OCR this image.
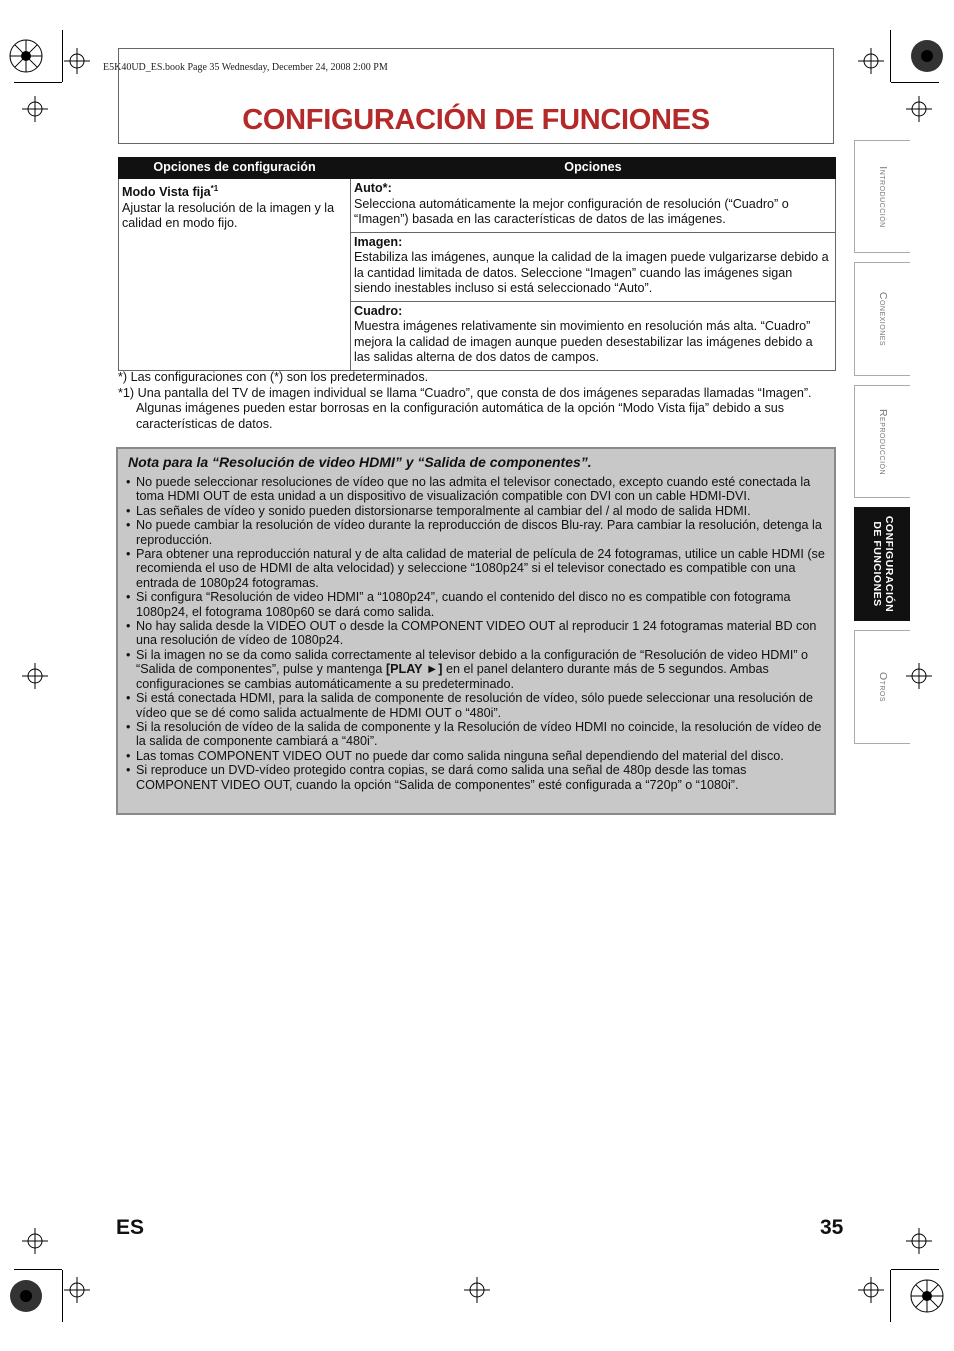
E5K40UD_ES.book Page 35 Wednesday, December 24, 2008 2:00 PM
CONFIGURACIÓN DE FUNCIONES
Opciones de configuración	Opciones
Modo Vista fija$^{*1}$
Ajustar la resolución de la imagen y la calidad en modo fijo.	Auto*:
Selecciona automáticamente la mejor configuración de resolución (“Cuadro” o “Imagen”) basada en las características de datos de las imágenes.
	Imagen:
Estabiliza las imágenes, aunque la calidad de la imagen puede vulgarizarse debido a la cantidad limitada de datos. Seleccione “Imagen” cuando las imágenes sigan siendo inestables incluso si está seleccionado “Auto”.
	Cuadro:
Muestra imágenes relativamente sin movimiento en resolución más alta. “Cuadro” mejora la calidad de imagen aunque pueden desestabilizar las imágenes debido a las salidas alterna de dos datos de campos.
*) Las configuraciones con (*) son los predeterminados.
*1) Una pantalla del TV de imagen individual se llama “Cuadro”, que consta de dos imágenes separadas llamadas “Imagen”.
Algunas imágenes pueden estar borrosas en la configuración automática de la opción “Modo Vista fija” debido a sus características de datos.
Nota para la “Resolución de video HDMI” y “Salida de componentes”.
• No puede seleccionar resoluciones de vídeo que no las admita el televisor conectado, excepto cuando esté conectada la toma HDMI OUT de esta unidad a un dispositivo de visualización compatible con DVI con un cable HDMI-DVI.
• Las señales de vídeo y sonido pueden distorsionarse temporalmente al cambiar del / al modo de salida HDMI.
• No puede cambiar la resolución de vídeo durante la reproducción de discos Blu-ray. Para cambiar la resolución, detenga la reproducción.
• Para obtener una reproducción natural y de alta calidad de material de película de 24 fotogramas, utilice un cable HDMI (se recomienda el uso de HDMI de alta velocidad) y seleccione “1080p24” si el televisor conectado es compatible con una entrada de 1080p24 fotogramas.
• Si configura “Resolución de video HDMI” a “1080p24”, cuando el contenido del disco no es compatible con fotograma 1080p24, el fotograma 1080p60 se dará como salida.
• No hay salida desde la VIDEO OUT o desde la COMPONENT VIDEO OUT al reproducir 1 24 fotogramas material BD con una resolución de vídeo de 1080p24.
• Si la imagen no se da como salida correctamente al televisor debido a la configuración de “Resolución de video HDMI” o “Salida de componentes”, pulse y mantenga [PLAY ►] en el panel delantero durante más de 5 segundos. Ambas configuraciones se cambias automáticamente a su predeterminado.
• Si está conectada HDMI, para la salida de componente de resolución de vídeo, sólo puede seleccionar una resolución de vídeo que se dé como salida actualmente de HDMI OUT o “480i”.
• Si la resolución de vídeo de la salida de componente y la Resolución de vídeo HDMI no coincide, la resolución de vídeo de la salida de componente cambiará a “480i”.
• Las tomas COMPONENT VIDEO OUT no puede dar como salida ninguna señal dependiendo del material del disco.
• Si reproduce un DVD-vídeo protegido contra copias, se dará como salida una señal de 480p desde las tomas COMPONENT VIDEO OUT, cuando la opción “Salida de componentes” esté configurada a “720p” o “1080i”.
Introducción
Conexiones
Reproducción
CONFIGURACIÓN
DE FUNCIONES
Otros
ES	35
